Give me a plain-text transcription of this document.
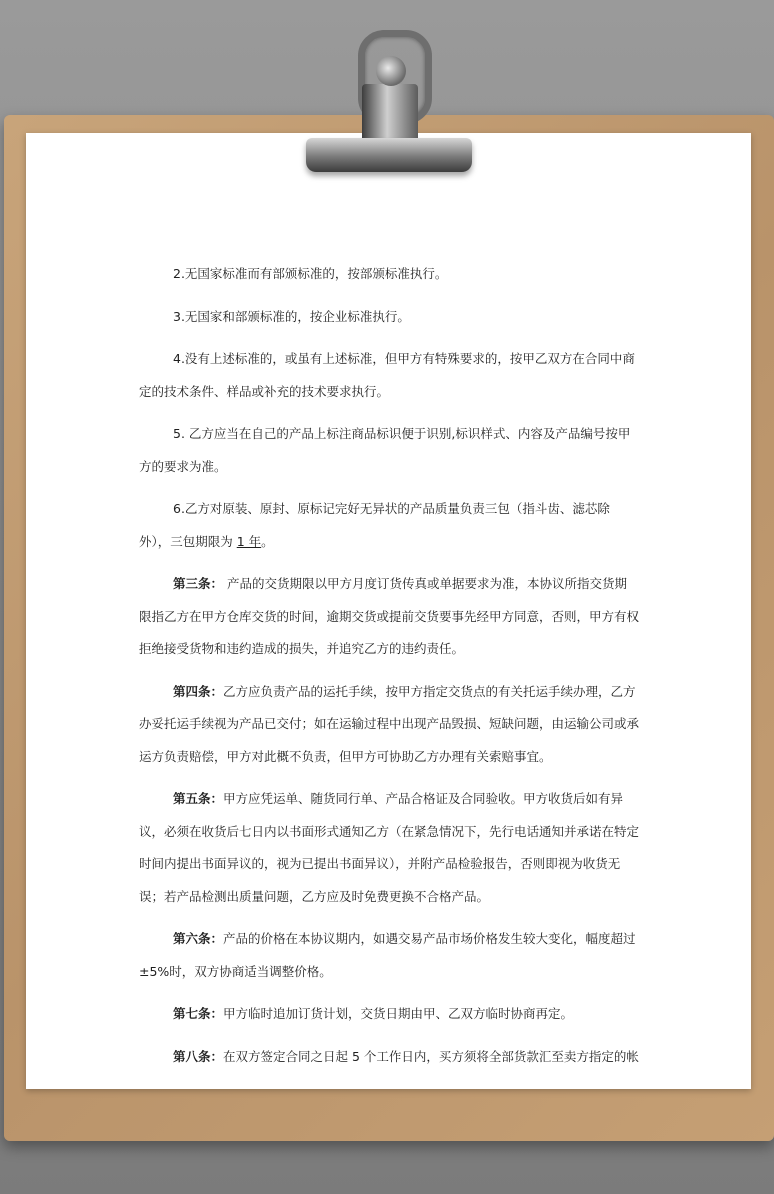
2.无国家标准而有部颁标准的，按部颁标准执行。

3.无国家和部颁标准的，按企业标准执行。

4.没有上述标准的，或虽有上述标准，但甲方有特殊要求的，按甲乙双方在合同中商定的技术条件、样品或补充的技术要求执行。

5. 乙方应当在自己的产品上标注商品标识便于识别,标识样式、内容及产品编号按甲方的要求为准。

6.乙方对原装、原封、原标记完好无异状的产品质量负责三包（指斗齿、滤芯除外），三包期限为 1 年。

第三条： 产品的交货期限以甲方月度订货传真或单据要求为准，本协议所指交货期限指乙方在甲方仓库交货的时间，逾期交货或提前交货要事先经甲方同意，否则，甲方有权拒绝接受货物和违约造成的损失，并追究乙方的违约责任。

第四条：乙方应负责产品的运托手续，按甲方指定交货点的有关托运手续办理，乙方办妥托运手续视为产品已交付；如在运输过程中出现产品毁损、短缺问题，由运输公司或承运方负责赔偿，甲方对此概不负责，但甲方可协助乙方办理有关索赔事宜。

第五条：甲方应凭运单、随货同行单、产品合格证及合同验收。甲方收货后如有异议，必须在收货后七日内以书面形式通知乙方（在紧急情况下，先行电话通知并承诺在特定时间内提出书面异议的，视为已提出书面异议），并附产品检验报告，否则即视为收货无误；若产品检测出质量问题，乙方应及时免费更换不合格产品。

第六条：产品的价格在本协议期内，如遇交易产品市场价格发生较大变化，幅度超过±5%时，双方协商适当调整价格。

第七条：甲方临时追加订货计划，交货日期由甲、乙双方临时协商再定。

第八条：在双方签定合同之日起 5 个工作日内，买方须将全部货款汇至卖方指定的帐
